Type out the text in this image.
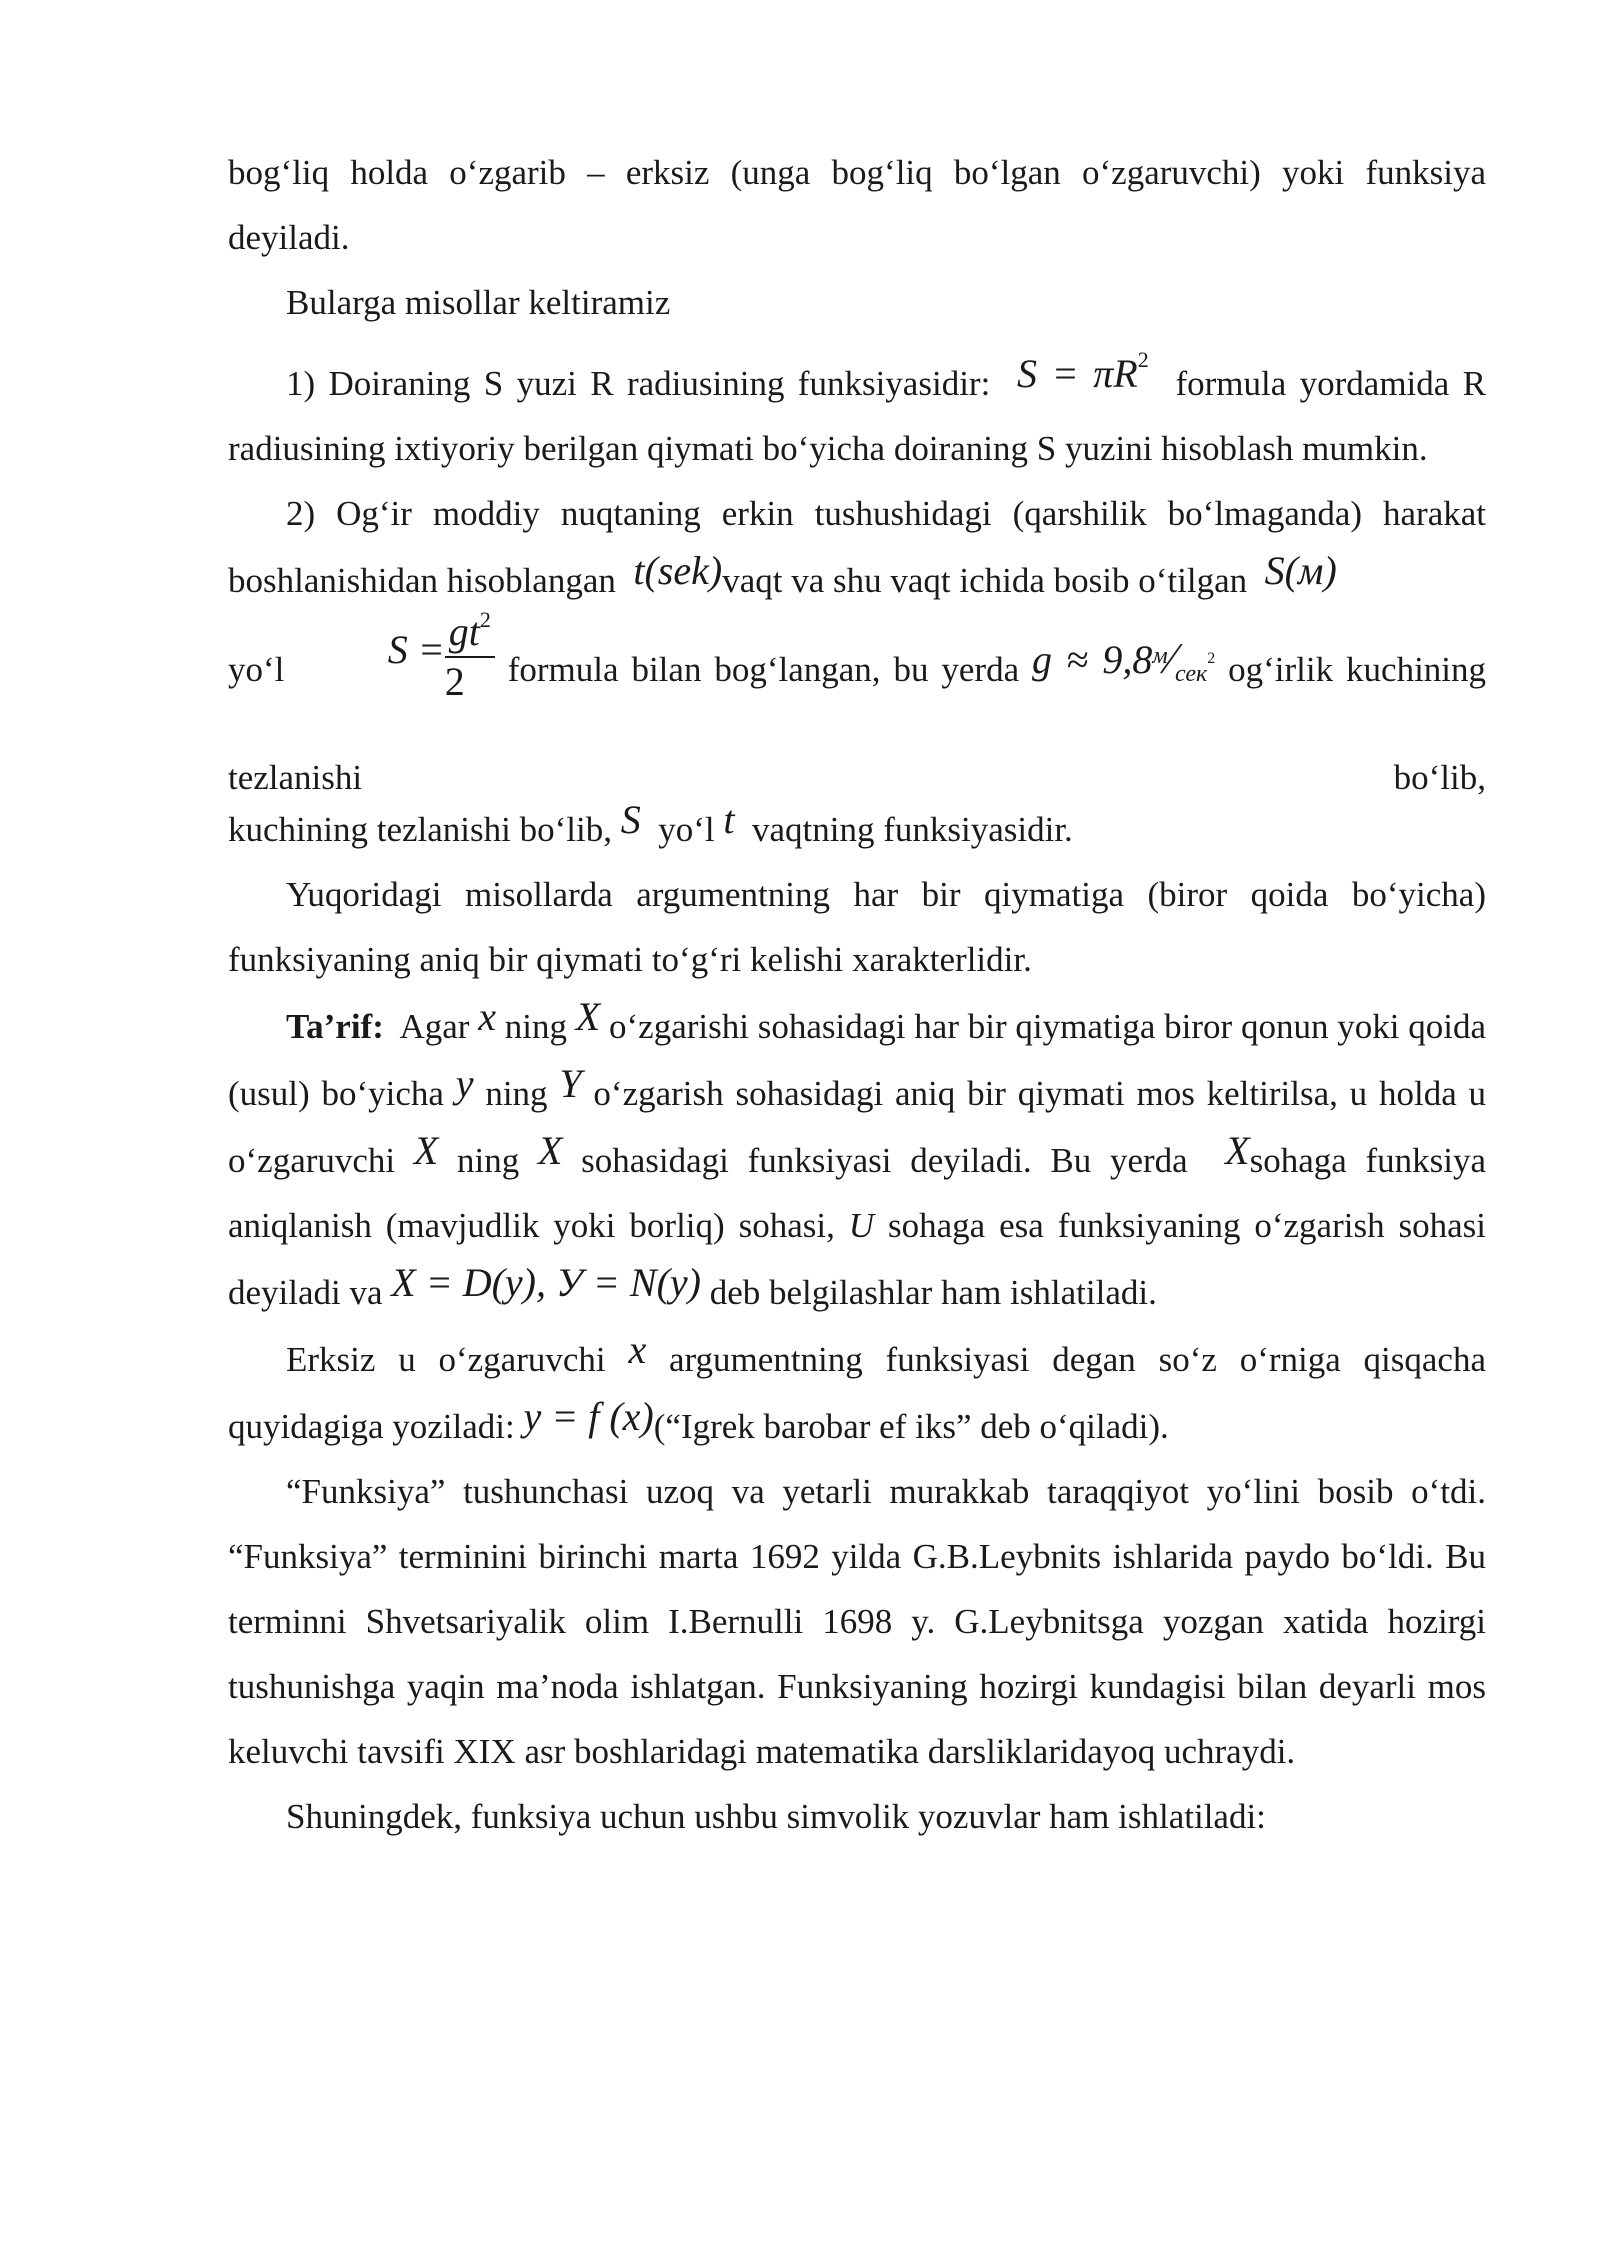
bog‘liq holda o‘zgarib – erksiz (unga bog‘liq bo‘lgan o‘zgaruvchi) yoki funksiya deyiladi.

Bularga misollar keltiramiz

1) Doiraning S yuzi R radiusining funksiyasidir: $S = \pi R^2$  formula yordamida R radiusining ixtiyoriy berilgan qiymati bo‘yicha doiraning S yuzini hisoblash mumkin.

2) Og‘ir moddiy nuqtaning erkin tushushidagi (qarshilik bo‘lmaganda) harakat boshlanishidan hisoblangan t(sek)vaqt va shu vaqt ichida bosib o‘tilgan S(м)

yo‘l	$S = \frac{gt^2}{2}$ formula bilan bog‘langan, bu yerda $g \approx 9,8^м⁄_{сек}^2$ og‘irlik kuchining tezlanishi bo‘lib,

kuchining tezlanishi bo‘lib, S yo‘l t vaqtning funksiyasidir.

Yuqoridagi misollarda argumentning har bir qiymatiga (biror qoida bo‘yicha) funksiyaning aniq bir qiymati to‘g‘ri kelishi xarakterlidir.

Ta’rif: Agar x ning X o‘zgarishi sohasidagi har bir qiymatiga biror qonun yoki qoida (usul) bo‘yicha y ning Y o‘zgarish sohasidagi aniq bir qiymati mos keltirilsa, u holda u o‘zgaruvchi X ning X sohasidagi funksiyasi deyiladi. Bu yerda Xsohaga funksiya aniqlanish (mavjudlik yoki borliq) sohasi, U sohaga esa funksiyaning o‘zgarish sohasi deyiladi va X = D(y), У = N(y) deb belgilashlar ham ishlatiladi.

Erksiz u o‘zgaruvchi x argumentning funksiyasi degan so‘z o‘rniga qisqacha quyidagiga yoziladi: y = f (x)(“Igrek barobar ef iks” deb o‘qiladi).

“Funksiya” tushunchasi uzoq va yetarli murakkab taraqqiyot yo‘lini bosib o‘tdi. “Funksiya” terminini birinchi marta 1692 yilda G.B.Leybnits ishlarida paydo bo‘ldi. Bu terminni Shvetsariyalik olim I.Bernulli 1698 y. G.Leybnitsga yozgan xatida hozirgi tushunishga yaqin ma’noda ishlatgan. Funksiyaning hozirgi kundagisi bilan deyarli mos keluvchi tavsifi XIX asr boshlaridagi matematika darsliklaridayoq uchraydi.

Shuningdek, funksiya uchun ushbu simvolik yozuvlar ham ishlatiladi:
